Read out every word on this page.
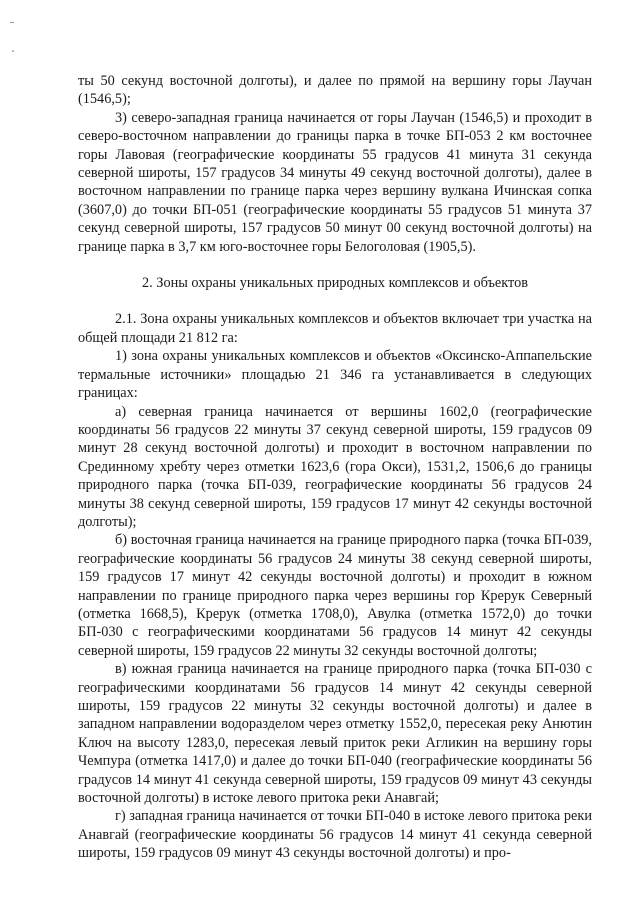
ты 50 секунд восточной долготы), и далее по прямой на вершину горы Лаучан (1546,5);

3) северо-западная граница начинается от горы Лаучан (1546,5) и проходит в северо-восточном направлении до границы парка в точке БП-053 2 км восточнее горы Лавовая (географические координаты 55 градусов 41 минута 31 секунда северной широты, 157 градусов 34 минуты 49 секунд восточной долготы), далее в восточном направлении по границе парка через вершину вулкана Ичинская сопка (3607,0) до точки БП-051 (географические координаты 55 градусов 51 минута 37 секунд северной широты, 157 градусов 50 минут 00 секунд восточной долготы) на границе парка в 3,7 км юго-восточнее горы Белоголовая (1905,5).

2. Зоны охраны уникальных природных комплексов и объектов

2.1. Зона охраны уникальных комплексов и объектов включает три участка на общей площади 21 812 га:

1) зона охраны уникальных комплексов и объектов «Оксинско-Аппапельские термальные источники» площадью 21 346 га устанавливается в следующих границах:

а) северная граница начинается от вершины 1602,0 (географические координаты 56 градусов 22 минуты 37 секунд северной широты, 159 градусов 09 минут 28 секунд восточной долготы) и проходит в восточном направлении по Срединному хребту через отметки 1623,6 (гора Окси), 1531,2, 1506,6 до границы природного парка (точка БП-039, географические координаты 56 градусов 24 минуты 38 секунд северной широты, 159 градусов 17 минут 42 секунды восточной долготы);

б) восточная граница начинается на границе природного парка (точка БП-039, географические координаты 56 градусов 24 минуты 38 секунд северной широты, 159 градусов 17 минут 42 секунды восточной долготы) и проходит в южном направлении по границе природного парка через вершины гор Крерук Северный (отметка 1668,5), Крерук (отметка 1708,0), Авулка (отметка 1572,0) до точки БП-030 с географическими координатами 56 градусов 14 минут 42 секунды северной широты, 159 градусов 22 минуты 32 секунды восточной долготы;

в) южная граница начинается на границе природного парка (точка БП-030 с географическими координатами 56 градусов 14 минут 42 секунды северной широты, 159 градусов 22 минуты 32 секунды восточной долготы) и далее в западном направлении водоразделом через отметку 1552,0, пересекая реку Анютин Ключ на высоту 1283,0, пересекая левый приток реки Агликин на вершину горы Чемпура (отметка 1417,0) и далее до точки БП-040 (географические координаты 56 градусов 14 минут 41 секунда северной широты, 159 градусов 09 минут 43 секунды восточной долготы) в истоке левого притока реки Анавгай;

г) западная граница начинается от точки БП-040 в истоке левого притока реки Анавгай (географические координаты 56 градусов 14 минут 41 секунда северной широты, 159 градусов 09 минут 43 секунды восточной долготы) и про-
